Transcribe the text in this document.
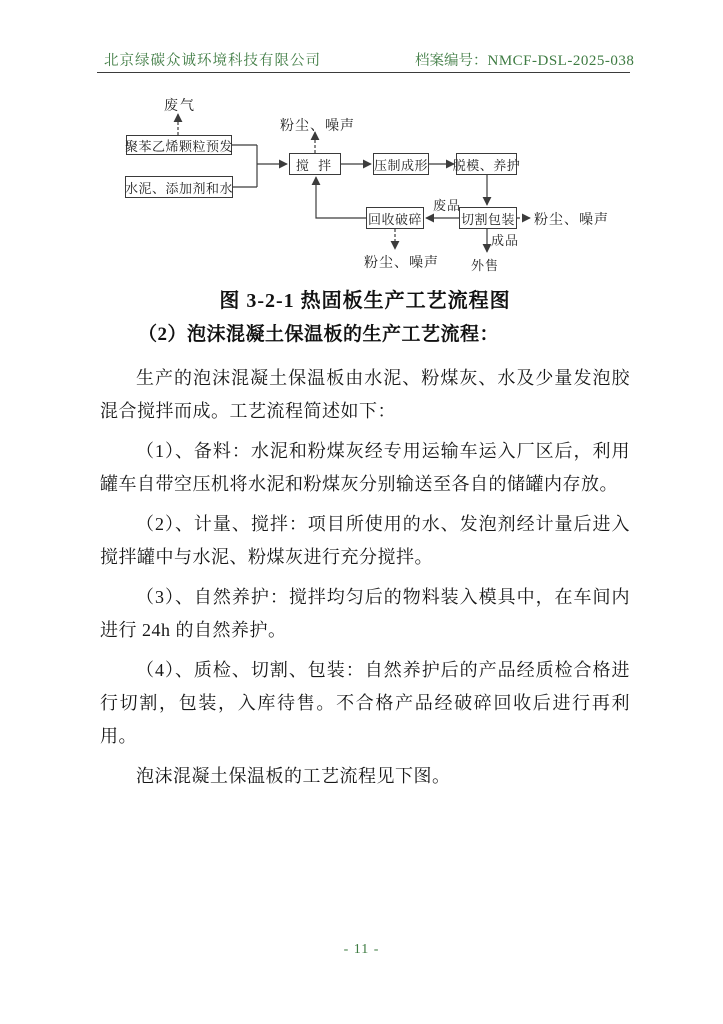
北京绿碳众诚环境科技有限公司	档案编号：NMCF-DSL-2025-038
聚苯乙烯颗粒预发
水泥、添加剂和水
搅 拌	压制成形 脱模、养护
切割包装
回收破碎
废气
粉尘、噪声
粉尘、噪声
粉尘、噪声
废品
成品
外售
图 3-2-1 热固板生产工艺流程图
（2）泡沫混凝土保温板的生产工艺流程：

生产的泡沫混凝土保温板由水泥、粉煤灰、水及少量发泡胶混合搅拌而成。工艺流程简述如下：

（1）、备料：水泥和粉煤灰经专用运输车运入厂区后，利用罐车自带空压机将水泥和粉煤灰分别输送至各自的储罐内存放。

（2）、计量、搅拌：项目所使用的水、发泡剂经计量后进入搅拌罐中与水泥、粉煤灰进行充分搅拌。

（3）、自然养护：搅拌均匀后的物料装入模具中，在车间内进行 24h 的自然养护。

（4）、质检、切割、包装：自然养护后的产品经质检合格进行切割，包装，入库待售。不合格产品经破碎回收后进行再利用。

泡沫混凝土保温板的工艺流程见下图。

- 11 -
